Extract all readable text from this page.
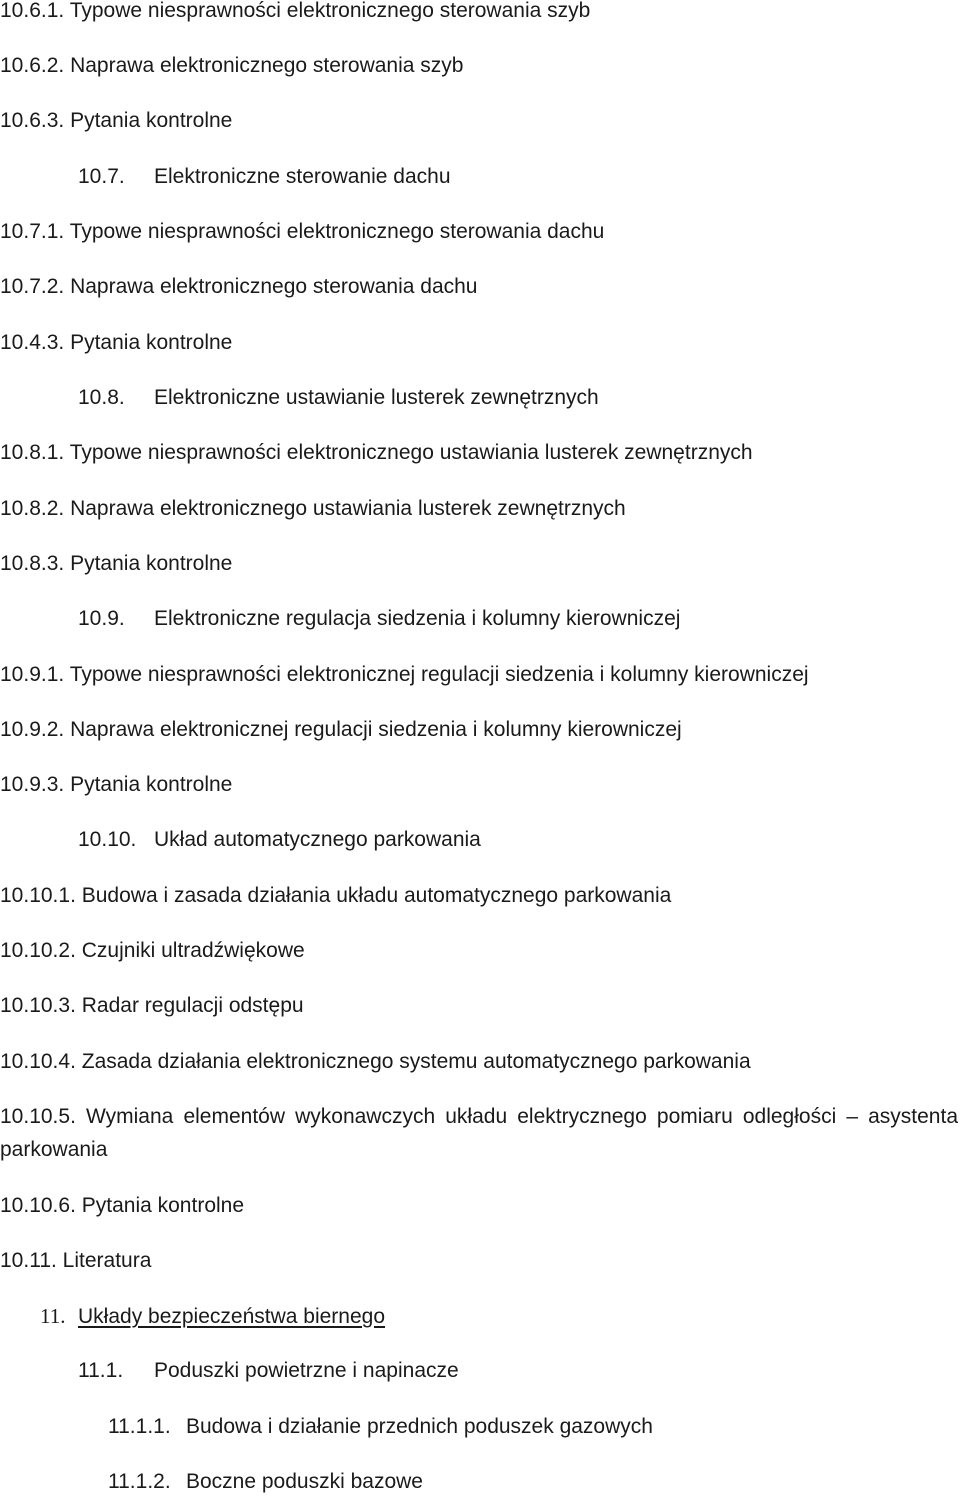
10.6.1. Typowe niesprawności elektronicznego sterowania szyb
10.6.2. Naprawa elektronicznego sterowania szyb
10.6.3. Pytania kontrolne
10.7. Elektroniczne sterowanie dachu
10.7.1. Typowe niesprawności elektronicznego sterowania dachu
10.7.2. Naprawa elektronicznego sterowania dachu
10.4.3. Pytania kontrolne
10.8. Elektroniczne ustawianie lusterek zewnętrznych
10.8.1. Typowe niesprawności elektronicznego ustawiania lusterek zewnętrznych
10.8.2. Naprawa elektronicznego ustawiania lusterek zewnętrznych
10.8.3. Pytania kontrolne
10.9. Elektroniczne regulacja siedzenia i kolumny kierowniczej
10.9.1. Typowe niesprawności elektronicznej regulacji siedzenia i kolumny kierowniczej
10.9.2. Naprawa elektronicznej regulacji siedzenia i kolumny kierowniczej
10.9.3. Pytania kontrolne
10.10. Układ automatycznego parkowania
10.10.1. Budowa i zasada działania układu automatycznego parkowania
10.10.2. Czujniki ultradźwiękowe
10.10.3. Radar regulacji odstępu
10.10.4. Zasada działania elektronicznego systemu automatycznego parkowania
10.10.5. Wymiana elementów wykonawczych układu elektrycznego pomiaru odległości – asystenta parkowania
10.10.6. Pytania kontrolne
10.11. Literatura
11. Układy bezpieczeństwa biernego
11.1. Poduszki powietrzne i napinacze
11.1.1. Budowa i działanie przednich poduszek gazowych
11.1.2. Boczne poduszki bazowe
